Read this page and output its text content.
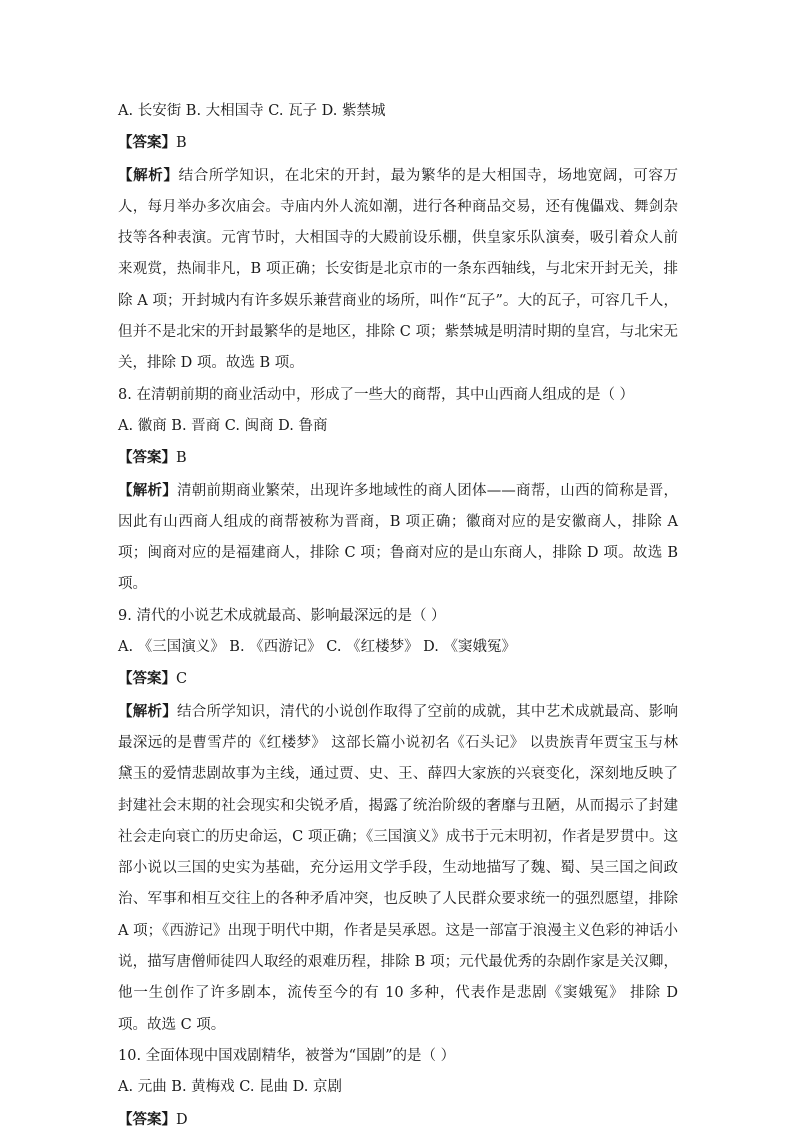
A. 长安街 B. 大相国寺 C. 瓦子 D. 紫禁城
【答案】B
【解析】结合所学知识，在北宋的开封，最为繁华的是大相国寺，场地宽阔，可容万人，每月举办多次庙会。寺庙内外人流如潮，进行各种商品交易，还有傀儡戏、舞剑杂技等各种表演。元宵节时，大相国寺的大殿前设乐棚，供皇家乐队演奏，吸引着众人前来观赏，热闹非凡，B 项正确；长安街是北京市的一条东西轴线，与北宋开封无关，排除 A 项；开封城内有许多娱乐兼营商业的场所，叫作“瓦子”。大的瓦子，可容几千人，但并不是北宋的开封最繁华的是地区，排除 C 项；紫禁城是明清时期的皇宫，与北宋无关，排除 D 项。故选 B 项。
8. 在清朝前期的商业活动中，形成了一些大的商帮，其中山西商人组成的是（ ）
A. 徽商 B. 晋商 C. 闽商 D. 鲁商
【答案】B
【解析】清朝前期商业繁荣，出现许多地域性的商人团体——商帮，山西的简称是晋，因此有山西商人组成的商帮被称为晋商，B 项正确；徽商对应的是安徽商人，排除 A 项；闽商对应的是福建商人，排除 C 项；鲁商对应的是山东商人，排除 D 项。故选 B 项。
9. 清代的小说艺术成就最高、影响最深远的是（ ）
A. 《三国演义》 B. 《西游记》 C. 《红楼梦》 D. 《窦娥冤》
【答案】C
【解析】结合所学知识，清代的小说创作取得了空前的成就，其中艺术成就最高、影响最深远的是曹雪芹的《红楼梦》 这部长篇小说初名《石头记》 以贵族青年贾宝玉与林黛玉的爱情悲剧故事为主线，通过贾、史、王、薛四大家族的兴衰变化，深刻地反映了封建社会末期的社会现实和尖锐矛盾，揭露了统治阶级的奢靡与丑陋，从而揭示了封建社会走向衰亡的历史命运，C 项正确；《三国演义》成书于元末明初，作者是罗贯中。这部小说以三国的史实为基础，充分运用文学手段，生动地描写了魏、蜀、吴三国之间政治、军事和相互交往上的各种矛盾冲突，也反映了人民群众要求统一的强烈愿望，排除 A 项；《西游记》出现于明代中期，作者是吴承恩。这是一部富于浪漫主义色彩的神话小说，描写唐僧师徒四人取经的艰难历程，排除 B 项；元代最优秀的杂剧作家是关汉卿，他一生创作了许多剧本，流传至今的有 10 多种，代表作是悲剧《窦娥冤》 排除 D 项。故选 C 项。
10. 全面体现中国戏剧精华，被誉为“国剧”的是（ ）
A. 元曲 B. 黄梅戏 C. 昆曲 D. 京剧
【答案】D
